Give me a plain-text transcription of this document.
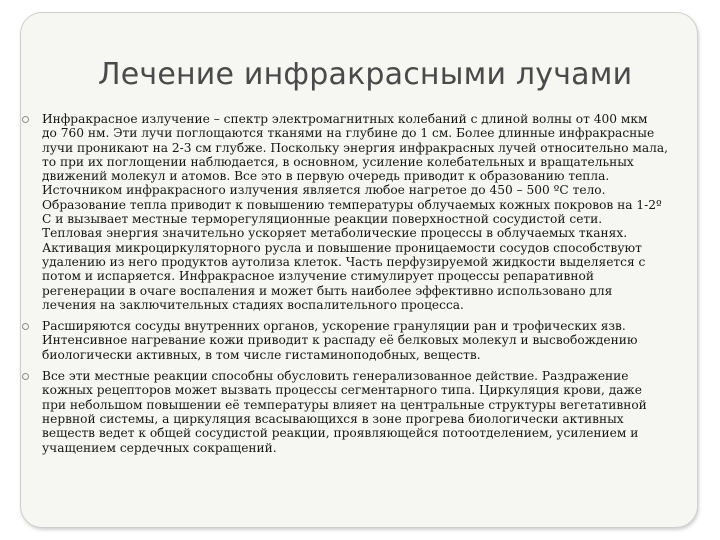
Лечение инфракрасными лучами
Инфракрасное излучение – спектр электромагнитных колебаний с длиной волны от 400 мкм
до 760 нм. Эти лучи поглощаются тканями на глубине до 1 см. Более длинные инфракрасные
лучи проникают на 2-3 см глубже. Поскольку энергия инфракрасных лучей относительно мала,
то при их поглощении наблюдается, в основном, усиление колебательных и вращательных
движений молекул и атомов. Все это в первую очередь приводит к образованию тепла.
Источником инфракрасного излучения является любое нагретое до 450 – 500 ºС тело.
Образование тепла приводит к повышению температуры облучаемых кожных покровов на 1-2º
С и вызывает местные терморегуляционные реакции поверхностной сосудистой сети.
Тепловая энергия значительно ускоряет метаболические процессы в облучаемых тканях.
Активация микроциркуляторного русла и повышение проницаемости сосудов способствуют
удалению из него продуктов аутолиза клеток. Часть перфузируемой жидкости выделяется с
потом и испаряется. Инфракрасное излучение стимулирует процессы репаративной
регенерации в очаге воспаления и может быть наиболее эффективно использовано для
лечения на заключительных стадиях воспалительного процесса.
Расширяются сосуды внутренних органов, ускорение грануляции ран и трофических язв.
Интенсивное нагревание кожи приводит к распаду её белковых молекул и высвобождению
биологически активных, в том числе гистаминоподобных, веществ.
Все эти местные реакции способны обусловить генерализованное действие. Раздражение
кожных рецепторов может вызвать процессы сегментарного типа. Циркуляция крови, даже
при небольшом повышении её температуры влияет на центральные структуры вегетативной
нервной системы, а циркуляция всасывающихся в зоне прогрева биологически активных
веществ ведет к общей сосудистой реакции, проявляющейся потоотделением, усилением и
учащением сердечных сокращений.
